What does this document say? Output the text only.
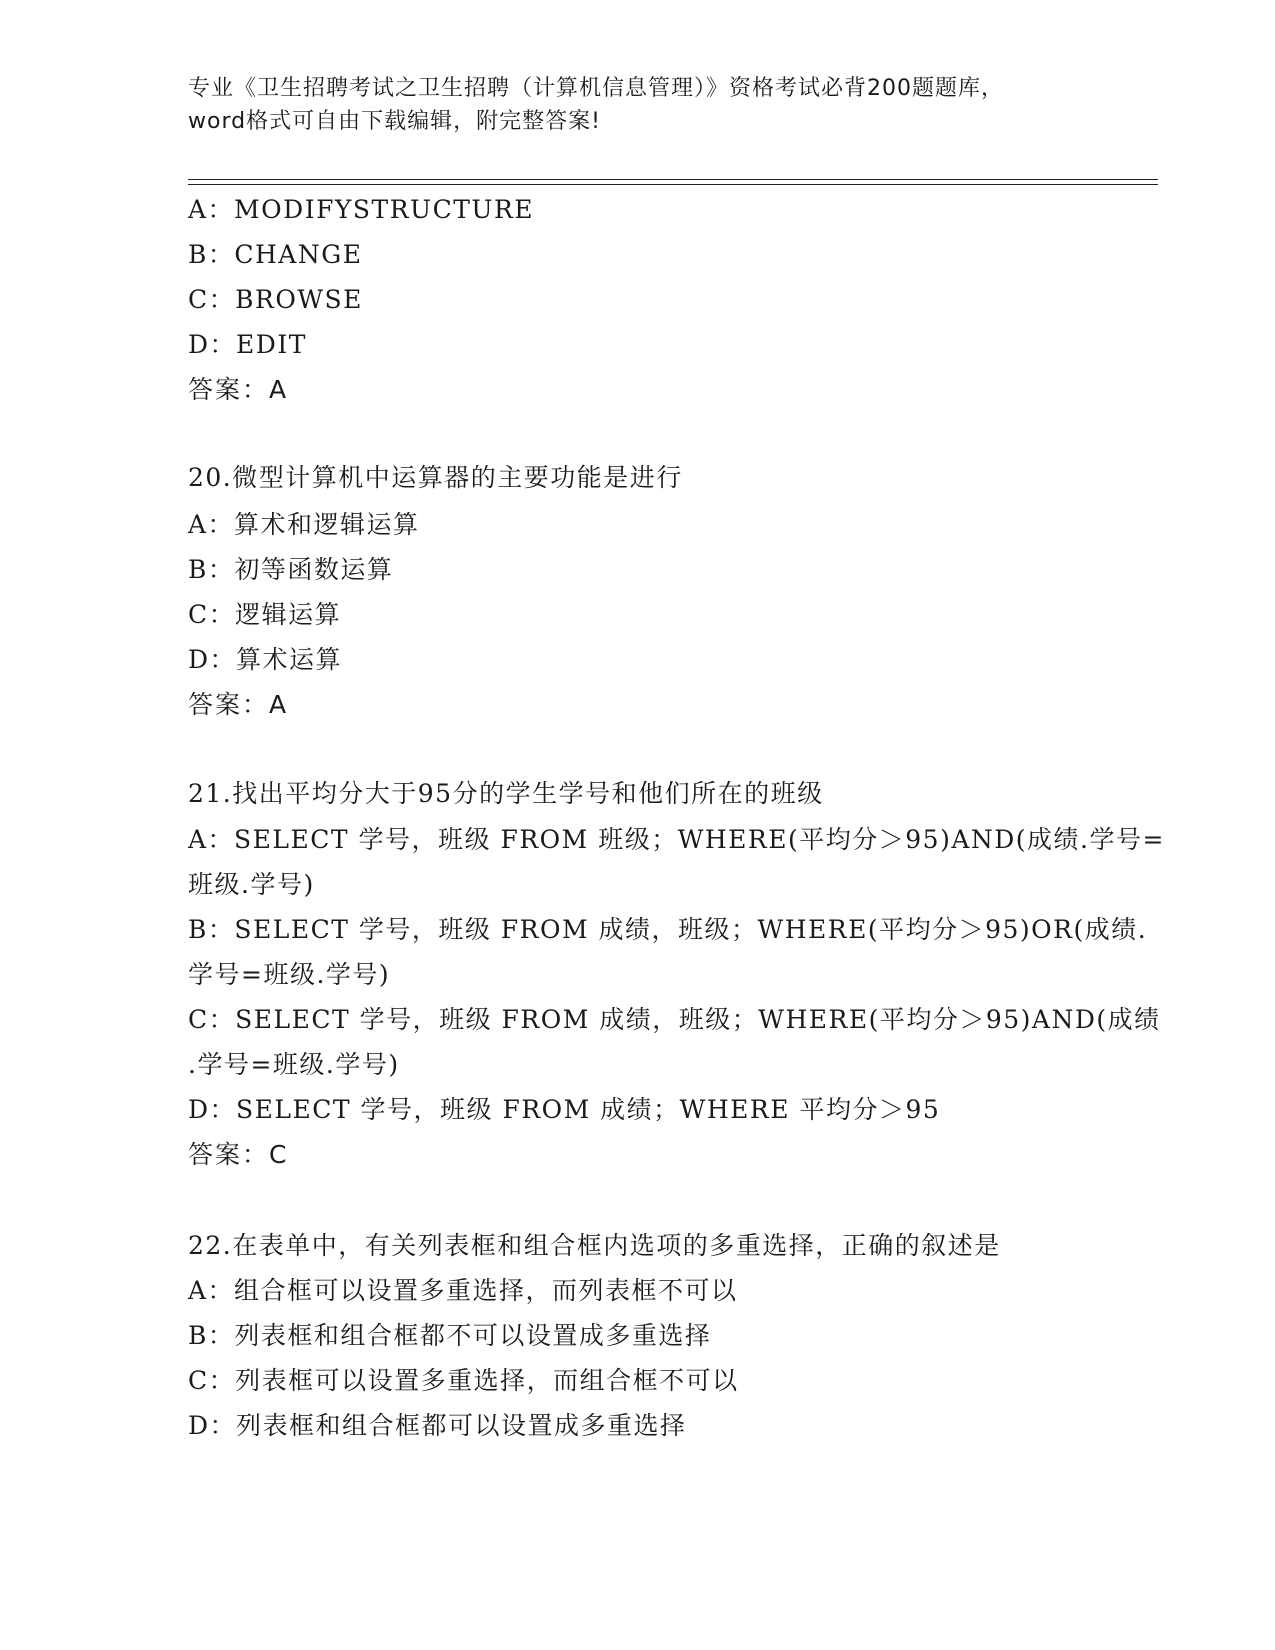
专业《卫生招聘考试之卫生招聘（计算机信息管理）》资格考试必背200题题库，
word格式可自由下载编辑，附完整答案!
A：MODIFYSTRUCTURE
B：CHANGE
C：BROWSE
D：EDIT
答案：A
20.微型计算机中运算器的主要功能是进行
A：算术和逻辑运算
B：初等函数运算
C：逻辑运算
D：算术运算
答案：A
21.找出平均分大于95分的学生学号和他们所在的班级
A：SELECT 学号，班级 FROM 班级；WHERE(平均分＞95)AND(成绩.学号=
班级.学号)
B：SELECT 学号，班级 FROM 成绩，班级；WHERE(平均分＞95)OR(成绩.
学号=班级.学号)
C：SELECT 学号，班级 FROM 成绩，班级；WHERE(平均分＞95)AND(成绩
.学号=班级.学号)
D：SELECT 学号，班级 FROM 成绩；WHERE 平均分＞95
答案：C
22.在表单中，有关列表框和组合框内选项的多重选择，正确的叙述是
A：组合框可以设置多重选择，而列表框不可以
B：列表框和组合框都不可以设置成多重选择
C：列表框可以设置多重选择，而组合框不可以
D：列表框和组合框都可以设置成多重选择
